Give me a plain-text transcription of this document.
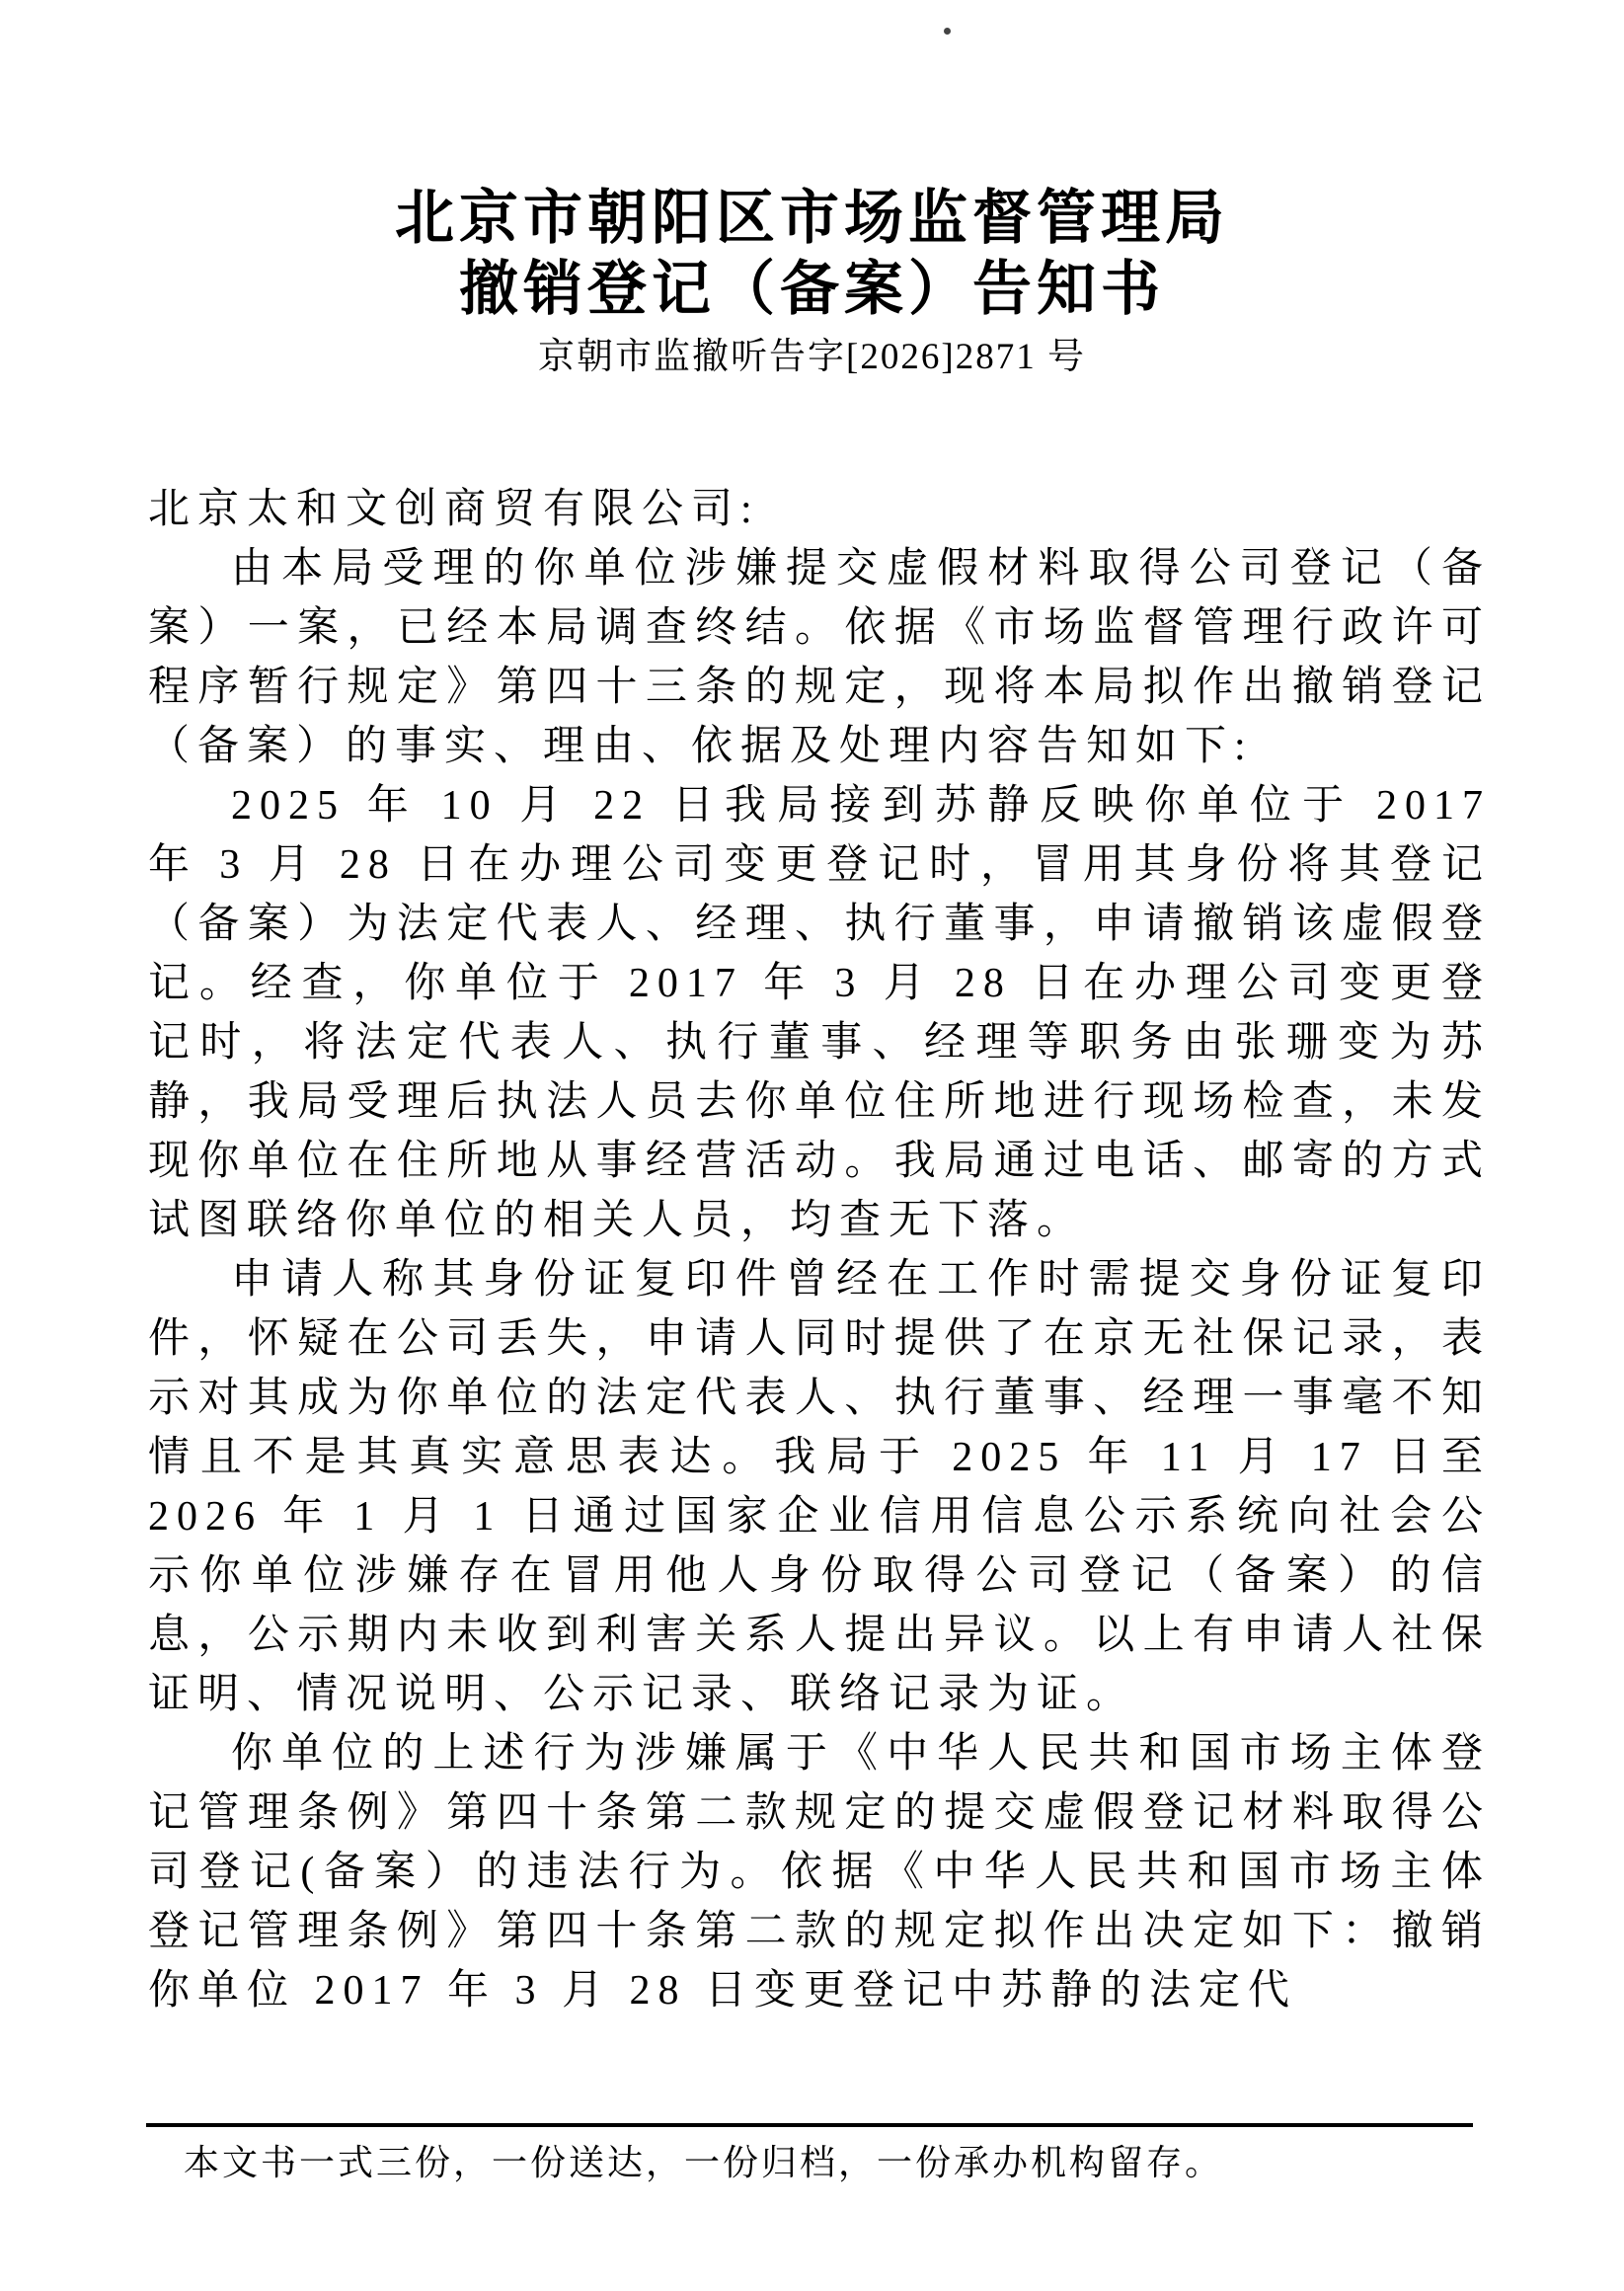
北京市朝阳区市场监督管理局
撤销登记（备案）告知书

京朝市监撤听告字[2026]2871 号

北京太和文创商贸有限公司:

由本局受理的你单位涉嫌提交虚假材料取得公司登记（备案）一案，已经本局调查终结。依据《市场监督管理行政许可程序暂行规定》第四十三条的规定，现将本局拟作出撤销登记（备案）的事实、理由、依据及处理内容告知如下:

2025 年 10 月 22 日我局接到苏静反映你单位于 2017 年 3 月 28 日在办理公司变更登记时，冒用其身份将其登记（备案）为法定代表人、经理、执行董事，申请撤销该虚假登记。经查，你单位于 2017 年 3 月 28 日在办理公司变更登记时，将法定代表人、执行董事、经理等职务由张珊变为苏静，我局受理后执法人员去你单位住所地进行现场检查，未发现你单位在住所地从事经营活动。我局通过电话、邮寄的方式试图联络你单位的相关人员，均查无下落。

申请人称其身份证复印件曾经在工作时需提交身份证复印件，怀疑在公司丢失，申请人同时提供了在京无社保记录，表示对其成为你单位的法定代表人、执行董事、经理一事毫不知情且不是其真实意思表达。我局于 2025 年 11 月 17 日至 2026 年 1 月 1 日通过国家企业信用信息公示系统向社会公示你单位涉嫌存在冒用他人身份取得公司登记（备案）的信息，公示期内未收到利害关系人提出异议。以上有申请人社保证明、情况说明、公示记录、联络记录为证。

你单位的上述行为涉嫌属于《中华人民共和国市场主体登记管理条例》第四十条第二款规定的提交虚假登记材料取得公司登记(备案）的违法行为。依据《中华人民共和国市场主体登记管理条例》第四十条第二款的规定拟作出决定如下：撤销你单位 2017 年 3 月 28 日变更登记中苏静的法定代

本文书一式三份，一份送达，一份归档，一份承办机构留存。
